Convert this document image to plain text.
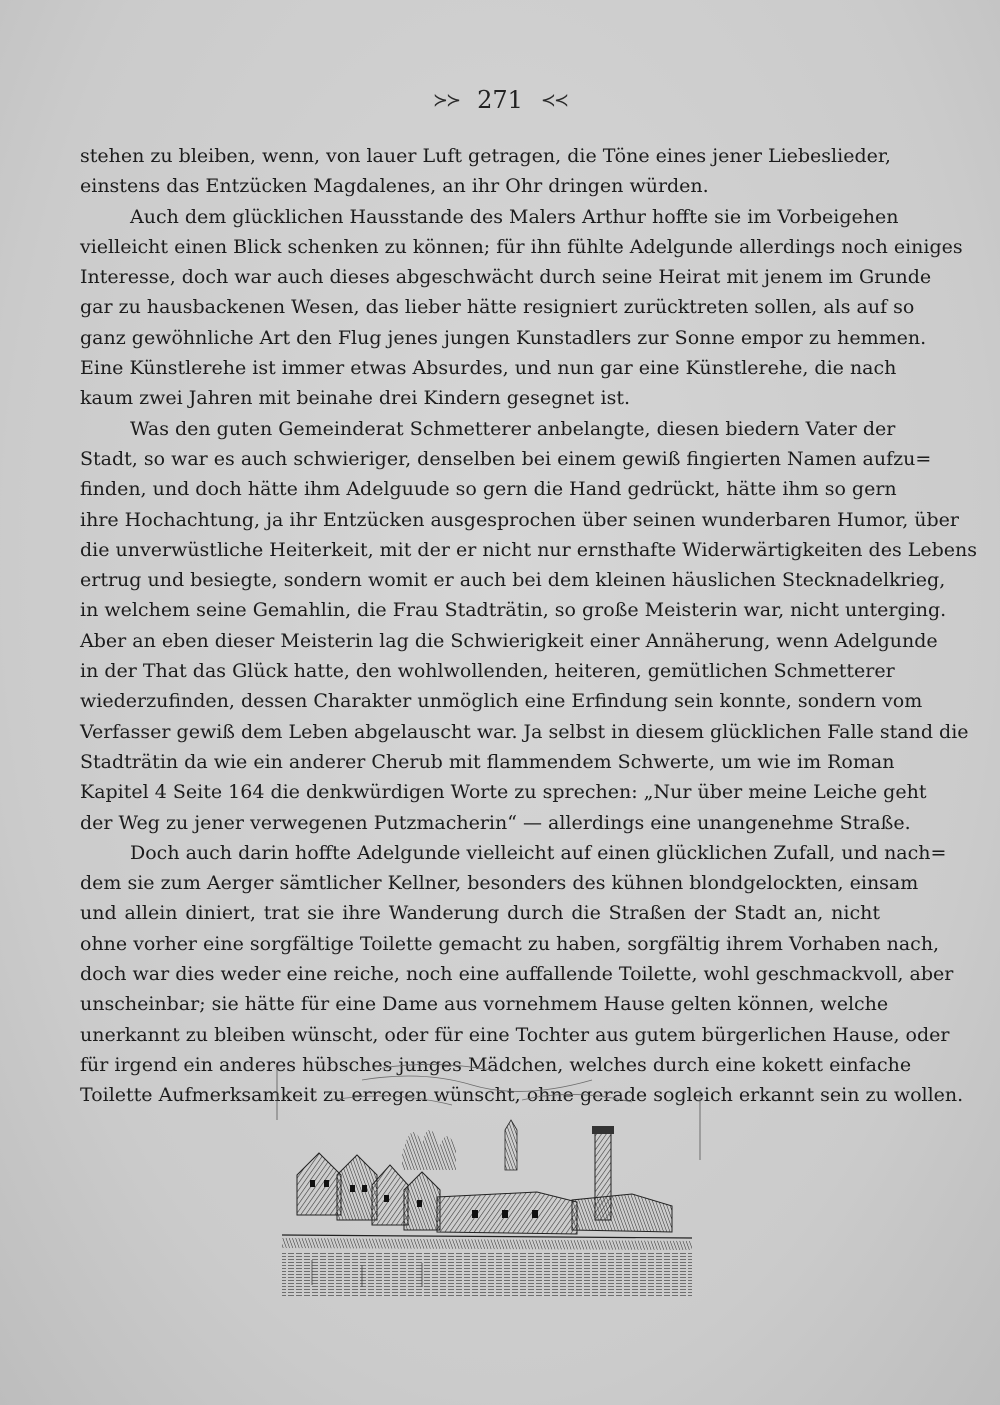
≻≻ 271 ≺≺
stehen zu bleiben, wenn, von lauer Luft getragen, die Töne eines jener Liebeslieder,
einstens das Entzücken Magdalenes, an ihr Ohr dringen würden.
Auch dem glücklichen Hausstande des Malers Arthur hoffte sie im Vorbeigehen
vielleicht einen Blick schenken zu können; für ihn fühlte Adelgunde allerdings noch einiges
Interesse, doch war auch dieses abgeschwächt durch seine Heirat mit jenem im Grunde
gar zu hausbackenen Wesen, das lieber hätte resigniert zurücktreten sollen, als auf so
ganz gewöhnliche Art den Flug jenes jungen Kunstadlers zur Sonne empor zu hemmen.
Eine Künstlerehe ist immer etwas Absurdes, und nun gar eine Künstlerehe, die nach
kaum zwei Jahren mit beinahe drei Kindern gesegnet ist.
Was den guten Gemeinderat Schmetterer anbelangte, diesen biedern Vater der
Stadt, so war es auch schwieriger, denselben bei einem gewiß fingierten Namen aufzu=
finden, und doch hätte ihm Adelguude so gern die Hand gedrückt, hätte ihm so gern
ihre Hochachtung, ja ihr Entzücken ausgesprochen über seinen wunderbaren Humor, über
die unverwüstliche Heiterkeit, mit der er nicht nur ernsthafte Widerwärtigkeiten des Lebens
ertrug und besiegte, sondern womit er auch bei dem kleinen häuslichen Stecknadelkrieg,
in welchem seine Gemahlin, die Frau Stadträtin, so große Meisterin war, nicht unterging.
Aber an eben dieser Meisterin lag die Schwierigkeit einer Annäherung, wenn Adelgunde
in der That das Glück hatte, den wohlwollenden, heiteren, gemütlichen Schmetterer
wiederzufinden, dessen Charakter unmöglich eine Erfindung sein konnte, sondern vom
Verfasser gewiß dem Leben abgelauscht war. Ja selbst in diesem glücklichen Falle stand die
Stadträtin da wie ein anderer Cherub mit flammendem Schwerte, um wie im Roman
Kapitel 4 Seite 164 die denkwürdigen Worte zu sprechen: „Nur über meine Leiche geht
der Weg zu jener verwegenen Putzmacherin“ — allerdings eine unangenehme Straße.
Doch auch darin hoffte Adelgunde vielleicht auf einen glücklichen Zufall, und nach=
dem sie zum Aerger sämtlicher Kellner, besonders des kühnen blondgelockten, einsam
und allein diniert, trat sie ihre Wanderung durch die Straßen der Stadt an, nicht
ohne vorher eine sorgfältige Toilette gemacht zu haben, sorgfältig ihrem Vorhaben nach,
doch war dies weder eine reiche, noch eine auffallende Toilette, wohl geschmackvoll, aber
unscheinbar; sie hätte für eine Dame aus vornehmem Hause gelten können, welche
unerkannt zu bleiben wünscht, oder für eine Tochter aus gutem bürgerlichen Hause, oder
für irgend ein anderes hübsches junges Mädchen, welches durch eine kokett einfache
Toilette Aufmerksamkeit zu erregen wünscht, ohne gerade sogleich erkannt sein zu wollen.
